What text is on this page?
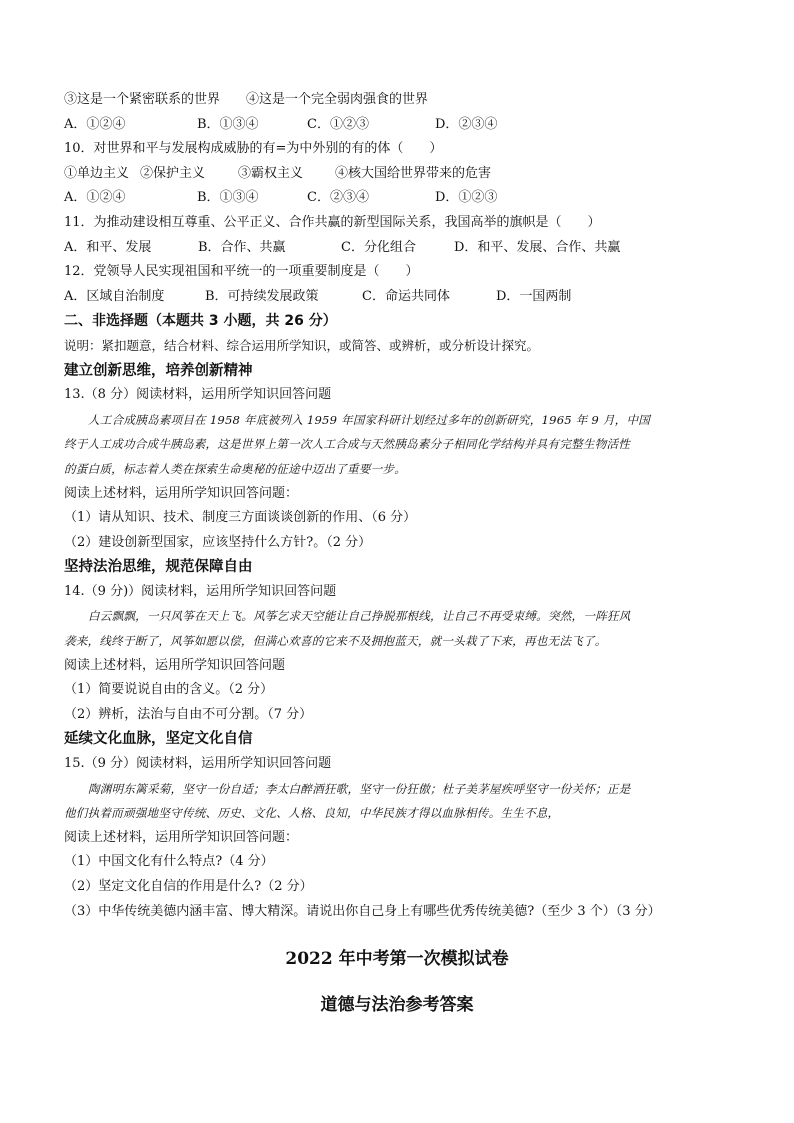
③这是一个紧密联系的世界　　④这是一个完全弱肉强食的世界
A．①②④	B．①③④	C．①②③	D．②③④
10．对世界和平与发展构成威胁的有=为中外别的有的体（　　）
①单边主义 ②保护主义	③霸权主义	④核大国给世界带来的危害
A．①②④	B．①③④	C．②③④	D．①②③
11．为推动建设相互尊重、公平正义、合作共赢的新型国际关系，我国高举的旗帜是（　　）
A．和平、发展	B．合作、共赢	C．分化组合	D．和平、发展、合作、共赢
12．党领导人民实现祖国和平统一的一项重要制度是（　　）
A．区域自治制度	B．可持续发展政策	C．命运共同体	D．一国两制
二、非选择题（本题共 3 小题，共 26 分）
说明：紧扣题意，结合材料、综合运用所学知识，或简答、或辨析，或分析设计探究。
建立创新思维，培养创新精神
13.（8 分）阅读材料，运用所学知识回答问题
人工合成胰岛素项目在 1958 年底被列入 1959 年国家科研计划经过多年的创新研究，1965 年 9 月，中国
终于人工成功合成牛胰岛素，这是世界上第一次人工合成与天然胰岛素分子相同化学结构并具有完整生物活性
的蛋白质，标志着人类在探索生命奥秘的征途中迈出了重要一步。
阅读上述材料，运用所学知识回答问题：
（1）请从知识、技术、制度三方面谈谈创新的作用、（6 分）
（2）建设创新型国家，应该坚持什么方针?。（2 分）
坚持法治思维，规范保障自由
14.（9 分)）阅读材料，运用所学知识回答问题
白云飘飘，一只风筝在天上飞。风筝乞求天空能让自己挣脱那根线，让自己不再受束缚。突然，一阵狂风
袭来，线终于断了，风筝如愿以偿，但满心欢喜的它来不及拥抱蓝天，就一头栽了下来，再也无法飞了。
阅读上述材料，运用所学知识回答问题
（1）简要说说自由的含义。（2 分）
（2）辨析，法治与自由不可分割。（7 分）
延续文化血脉，坚定文化自信
15.（9 分）阅读材料，运用所学知识回答问题
陶渊明东篱采菊，坚守一份自适；李太白醉酒狂歌，坚守一份狂傲；杜子美茅屋疾呼坚守一份关怀；正是
他们执着而顽强地坚守传统、历史、文化、人格、良知，中华民族才得以血脉相传。生生不息，
阅读上述材料，运用所学知识回答问题：
（1）中国文化有什么特点?（4 分）
（2）坚定文化自信的作用是什么?（2 分）
（3）中华传统美德内涵丰富、博大精深。请说出你自己身上有哪些优秀传统美德?（至少 3 个）（3 分）
2022 年中考第一次模拟试卷
道德与法治参考答案
